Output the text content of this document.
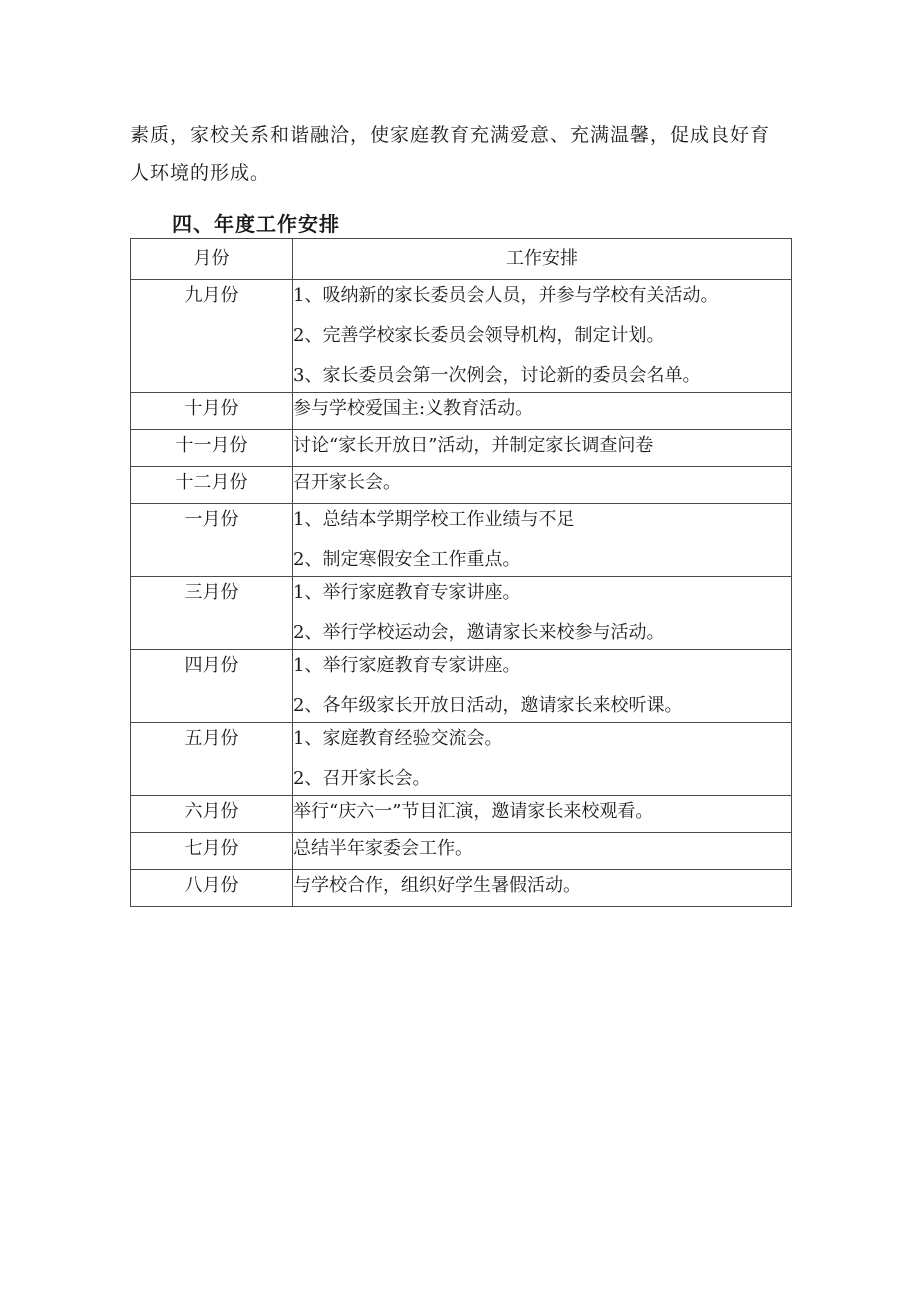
素质，家校关系和谐融洽，使家庭教育充满爱意、充满温馨，促成良好育
人环境的形成。
四、年度工作安排
月份	工作安排
九月份	1、吸纳新的家长委员会人员，并参与学校有关活动。
2、完善学校家长委员会领导机构，制定计划。
3、家长委员会第一次例会，讨论新的委员会名单。

十月份	参与学校爱国主:义教育活动。

十一月份	讨论“家长开放日”活动，并制定家长调查问卷

十二月份	召开家长会。

一月份	1、总结本学期学校工作业绩与不足
2、制定寒假安全工作重点。

三月份	1、举行家庭教育专家讲座。
2、举行学校运动会，邀请家长来校参与活动。

四月份	1、举行家庭教育专家讲座。
2、各年级家长开放日活动，邀请家长来校听课。

五月份	1、家庭教育经验交流会。
2、召开家长会。

六月份	举行“庆六一”节目汇演，邀请家长来校观看。

七月份	总结半年家委会工作。

八月份	与学校合作，组织好学生暑假活动。
